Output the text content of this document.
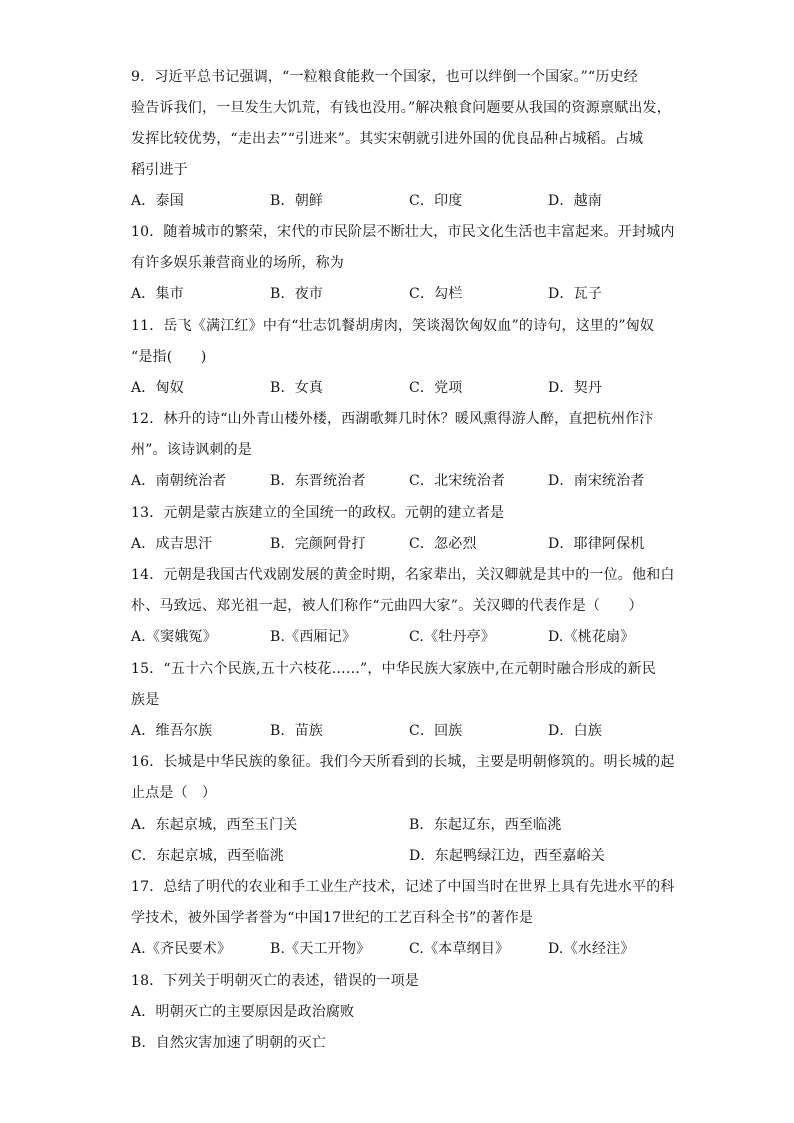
9．习近平总书记强调，“一粒粮食能救一个国家，也可以绊倒一个国家。”“历史经
验告诉我们，一旦发生大饥荒，有钱也没用。”解决粮食问题要从我国的资源禀赋出发，
发挥比较优势，“走出去”“引进来”。其实宋朝就引进外国的优良品种占城稻。占城
稻引进于
A．泰国	B．朝鲜	C．印度	D．越南
10．随着城市的繁荣，宋代的市民阶层不断壮大，市民文化生活也丰富起来。开封城内
有许多娱乐兼营商业的场所，称为
A．集市	B．夜市	C．勾栏	D．瓦子
11．岳飞《满江红》中有“壮志饥餐胡虏肉，笑谈渴饮匈奴血”的诗句，这里的”匈奴
“是指(　　)
A．匈奴	B．女真	C．党项	D．契丹
12．林升的诗“山外青山楼外楼，西湖歌舞几时休？暖风熏得游人醉，直把杭州作汴
州”。该诗讽刺的是
A．南朝统治者	B．东晋统治者	C．北宋统治者	D．南宋统治者
13．元朝是蒙古族建立的全国统一的政权。元朝的建立者是
A．成吉思汗	B．完颜阿骨打	C．忽必烈	D．耶律阿保机
14．元朝是我国古代戏剧发展的黄金时期，名家辈出，关汉卿就是其中的一位。他和白
朴、马致远、郑光祖一起，被人们称作“元曲四大家”。关汉卿的代表作是（　　）
A.《窦娥冤》	B.《西厢记》	C.《牡丹亭》	D.《桃花扇》
15．“五十六个民族,五十六枝花……”，中华民族大家族中,在元朝时融合形成的新民
族是
A．维吾尔族	B．苗族	C．回族	D．白族
16．长城是中华民族的象征。我们今天所看到的长城，主要是明朝修筑的。明长城的起
止点是（　）
A．东起京城，西至玉门关	B．东起辽东，西至临洮
C．东起京城，西至临洮	D．东起鸭绿江边，西至嘉峪关
17．总结了明代的农业和手工业生产技术，记述了中国当时在世界上具有先进水平的科
学技术，被外国学者誉为“中国17世纪的工艺百科全书”的著作是
A.《齐民要术》	B.《天工开物》	C.《本草纲目》	D.《水经注》
18．下列关于明朝灭亡的表述，错误的一项是
A．明朝灭亡的主要原因是政治腐败
B．自然灾害加速了明朝的灭亡
